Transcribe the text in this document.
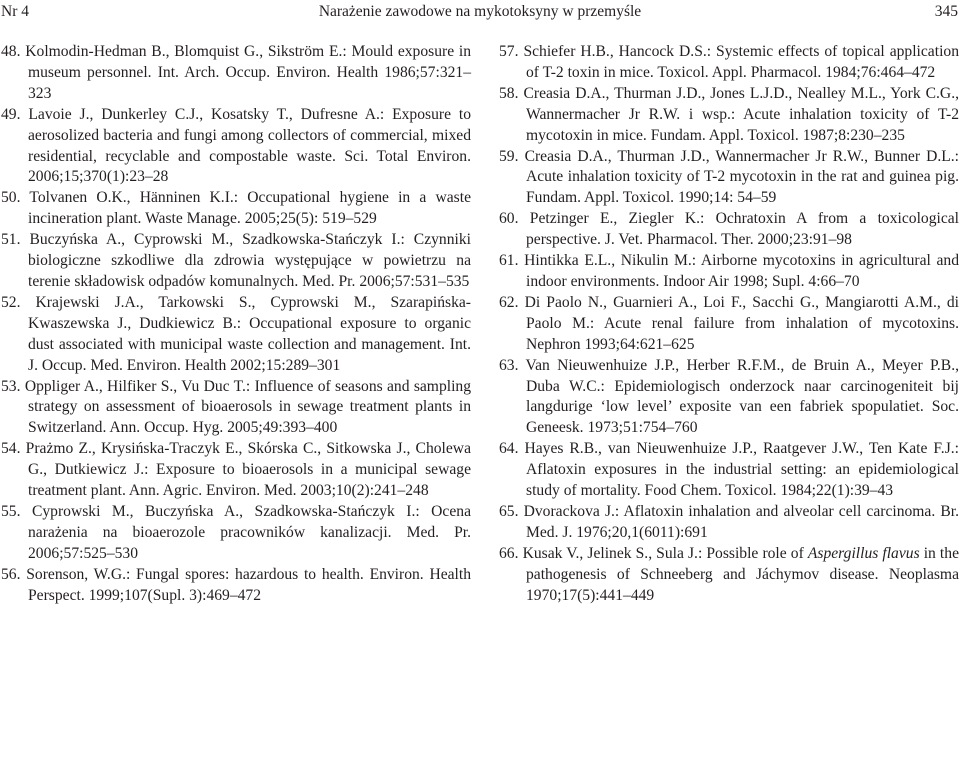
Narażenie zawodowe na mykotoksyny w przemyśle
Nr 4	345
48. Kolmodin-Hedman B., Blomquist G., Sikström E.: Mould exposure in museum personnel. Int. Arch. Occup. Environ. Health 1986;57:321–323
49. Lavoie J., Dunkerley C.J., Kosatsky T., Dufresne A.: Exposure to aerosolized bacteria and fungi among collectors of commercial, mixed residential, recyclable and compostable waste. Sci. Total Environ. 2006;15;370(1):23–28
50. Tolvanen O.K., Hänninen K.I.: Occupational hygiene in a waste incineration plant. Waste Manage. 2005;25(5): 519–529
51. Buczyńska A., Cyprowski M., Szadkowska-Stańczyk I.: Czynniki biologiczne szkodliwe dla zdrowia występujące w powietrzu na terenie składowisk odpadów komunalnych. Med. Pr. 2006;57:531–535
52. Krajewski J.A., Tarkowski S., Cyprowski M., Szarapińska-Kwaszewska J., Dudkiewicz B.: Occupational exposure to organic dust associated with municipal waste collection and management. Int. J. Occup. Med. Environ. Health 2002;15:289–301
53. Oppliger A., Hilfiker S., Vu Duc T.: Influence of seasons and sampling strategy on assessment of bioaerosols in sewage treatment plants in Switzerland. Ann. Occup. Hyg. 2005;49:393–400
54. Prażmo Z., Krysińska-Traczyk E., Skórska C., Sitkowska J., Cholewa G., Dutkiewicz J.: Exposure to bioaerosols in a municipal sewage treatment plant. Ann. Agric. Environ. Med. 2003;10(2):241–248
55. Cyprowski M., Buczyńska A., Szadkowska-Stańczyk I.: Ocena narażenia na bioaerozole pracowników kanalizacji. Med. Pr. 2006;57:525–530
56. Sorenson, W.G.: Fungal spores: hazardous to health. Environ. Health Perspect. 1999;107(Supl. 3):469–472
57. Schiefer H.B., Hancock D.S.: Systemic effects of topical application of T-2 toxin in mice. Toxicol. Appl. Pharmacol. 1984;76:464–472
58. Creasia D.A., Thurman J.D., Jones L.J.D., Nealley M.L., York C.G., Wannermacher Jr R.W. i wsp.: Acute inhalation toxicity of T-2 mycotoxin in mice. Fundam. Appl. Toxicol. 1987;8:230–235
59. Creasia D.A., Thurman J.D., Wannermacher Jr R.W., Bunner D.L.: Acute inhalation toxicity of T-2 mycotoxin in the rat and guinea pig. Fundam. Appl. Toxicol. 1990;14: 54–59
60. Petzinger E., Ziegler K.: Ochratoxin A from a toxicological perspective. J. Vet. Pharmacol. Ther. 2000;23:91–98
61. Hintikka E.L., Nikulin M.: Airborne mycotoxins in agricultural and indoor environments. Indoor Air 1998; Supl. 4:66–70
62. Di Paolo N., Guarnieri A., Loi F., Sacchi G., Mangiarotti A.M., di Paolo M.: Acute renal failure from inhalation of mycotoxins. Nephron 1993;64:621–625
63. Van Nieuwenhuize J.P., Herber R.F.M., de Bruin A., Meyer P.B., Duba W.C.: Epidemiologisch onderzock naar carcinogeniteit bij langdurige ‘low level’ exposite van een fabriek spopulatiet. Soc. Geneesk. 1973;51:754–760
64. Hayes R.B., van Nieuwenhuize J.P., Raatgever J.W., Ten Kate F.J.: Aflatoxin exposures in the industrial setting: an epidemiological study of mortality. Food Chem. Toxicol. 1984;22(1):39–43
65. Dvorackova J.: Aflatoxin inhalation and alveolar cell carcinoma. Br. Med. J. 1976;20,1(6011):691
66. Kusak V., Jelinek S., Sula J.: Possible role of Aspergillus flavus in the pathogenesis of Schneeberg and Jáchymov disease. Neoplasma 1970;17(5):441–449
